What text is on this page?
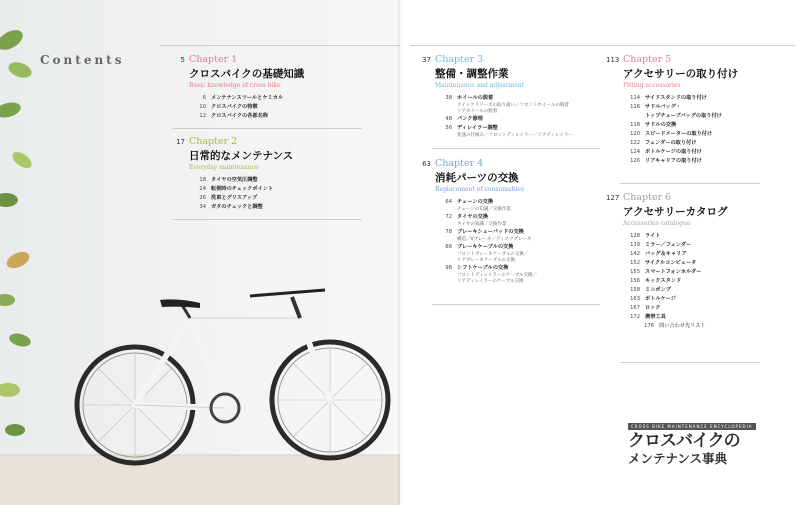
Contents	5 Chapter 1
クロスバイクの基礎知識
Basic knowledge of cross bike
6 メンテナンスツールとケミカル
10 クロスバイクの特徴
12 クロスバイクの各部名称
17 Chapter 2
日常的なメンテナンス
Everyday maintenance
18 タイヤの空気圧調整
24 転倒時のチェックポイント
26 洗車とグリスアップ
34 ガタのチェックと調整
37 Chapter 3
整備・調整作業
Maintenance and adjustment
38 ホイールの脱着
クイックリリーズの取り扱い／フロントホイールの脱着
リアホイールの脱着
48 パンク修理
56 ディレイラー調整
変速の仕組み／フロントディレイラー／リアディレイラー
63 Chapter 4
消耗パーツの交換
Replacement of consumables
64 チェーンの交換
チェーンの知識／交換作業
72 タイヤの交換
タイヤの知識／交換作業
78 ブレーキシューパッドの交換
構造／Vブレーキ／ディスクブレーキ
86 ブレーキケーブルの交換
フロントブレーキケーブルの交換／
リアブレーキケーブルの交換
98 シフトケーブルの交換
フロントディレイラーのケーブル交換／
リアディレイラーのケーブル交換
113 Chapter 5
アクセサリーの取り付け
Fitting accessories
114 サイドスタンドの取り付け
116 サドルバッグ・
トップチューブバッグの取り付け
118 サドルの交換
120 スピードメーターの取り付け
122 フェンダーの取り付け
124 ボトルケージの取り付け
126 リアキャリアの取り付け
127 Chapter 6
アクセサリーカタログ
Accessories catalogue
128 ライト
139 ミラー／フェンダー
142 バッグ＆キャリア
152 サイクルコンピュータ
155 スマートフォンホルダー
156 キックスタンド
158 ミニポンプ
163 ボトルケージ
167 ロック
172 携帯工具
176 問い合わせ先リスト
CROSS BIKE MAINTENANCE ENCYCLOPEDIA
クロスバイクの
メンテナンス事典
